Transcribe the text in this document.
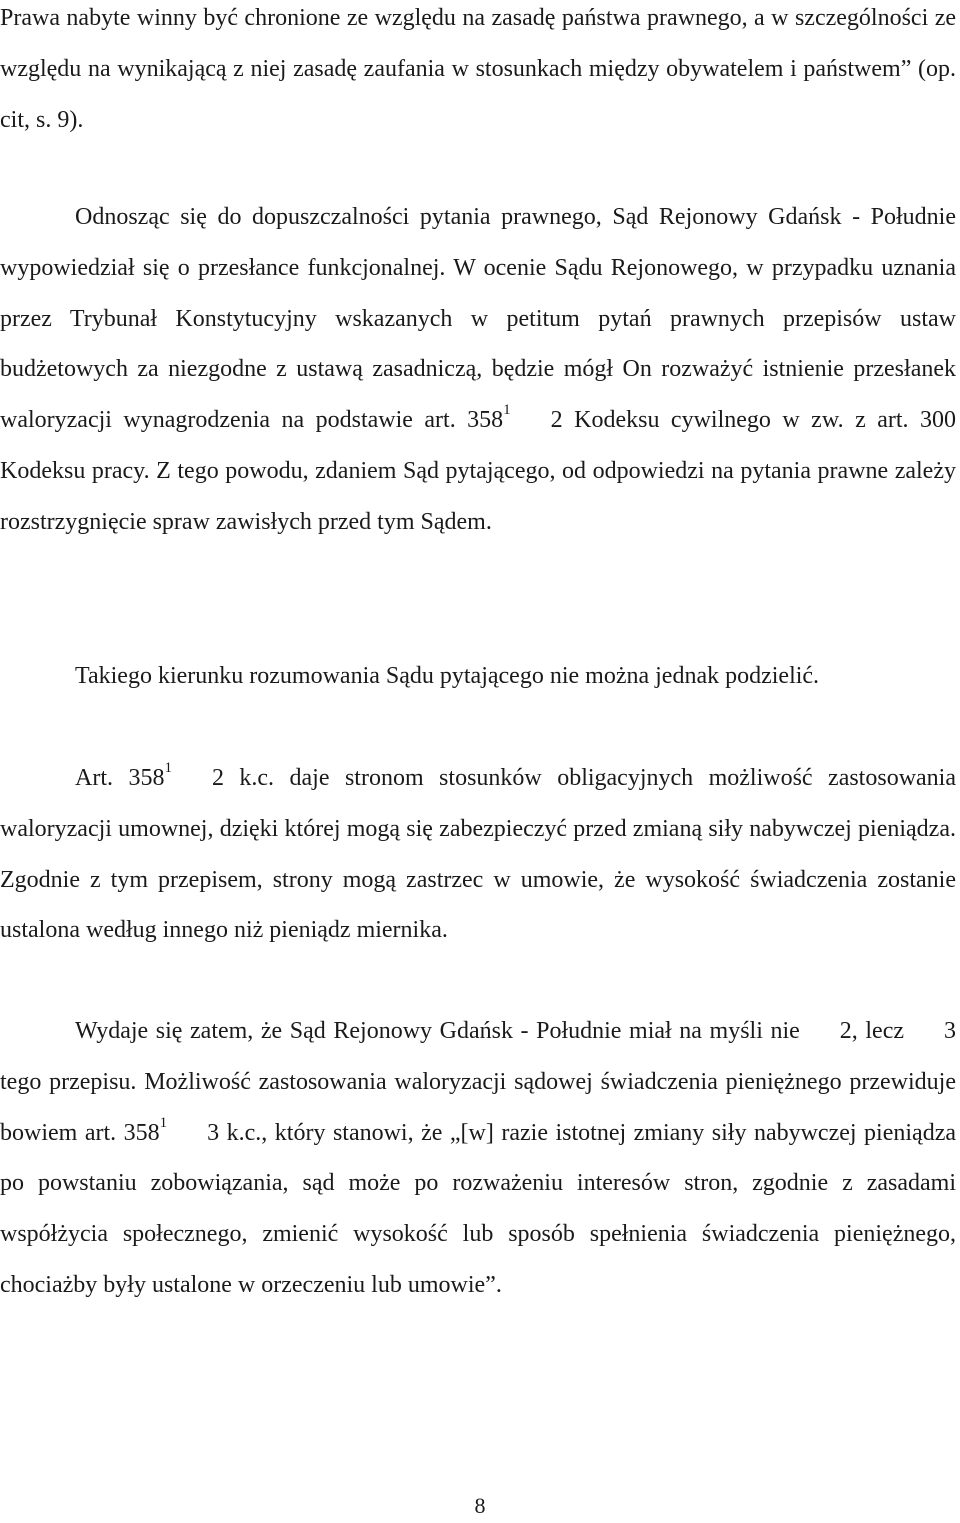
Prawa nabyte winny być chronione ze względu na zasadę państwa prawnego, a w szczególności ze względu na wynikającą z niej zasadę zaufania w stosunkach między obywatelem i państwem” (op. cit, s. 9).

Odnosząc się do dopuszczalności pytania prawnego, Sąd Rejonowy Gdańsk - Południe wypowiedział się o przesłance funkcjonalnej. W ocenie Sądu Rejonowego, w przypadku uznania przez Trybunał Konstytucyjny wskazanych w petitum pytań prawnych przepisów ustaw budżetowych za niezgodne z ustawą zasadniczą, będzie mógł On rozważyć istnienie przesłanek waloryzacji wynagrodzenia na podstawie art. $358^1$ 2 Kodeksu cywilnego w zw. z art. 300 Kodeksu pracy. Z tego powodu, zdaniem Sąd pytającego, od odpowiedzi na pytania prawne zależy rozstrzygnięcie spraw zawisłych przed tym Sądem.

Takiego kierunku rozumowania Sądu pytającego nie można jednak podzielić.

Art. $358^1$ 2 k.c. daje stronom stosunków obligacyjnych możliwość zastosowania waloryzacji umownej, dzięki której mogą się zabezpieczyć przed zmianą siły nabywczej pieniądza. Zgodnie z tym przepisem, strony mogą zastrzec w umowie, że wysokość świadczenia zostanie ustalona według innego niż pieniądz miernika.

Wydaje się zatem, że Sąd Rejonowy Gdańsk - Południe miał na myśli nie 2, lecz 3 tego przepisu. Możliwość zastosowania waloryzacji sądowej świadczenia pieniężnego przewiduje bowiem art. $358^1$ 3 k.c., który stanowi, że „[w] razie istotnej zmiany siły nabywczej pieniądza po powstaniu zobowiązania, sąd może po rozważeniu interesów stron, zgodnie z zasadami współżycia społecznego, zmienić wysokość lub sposób spełnienia świadczenia pieniężnego, chociażby były ustalone w orzeczeniu lub umowie”.

8
